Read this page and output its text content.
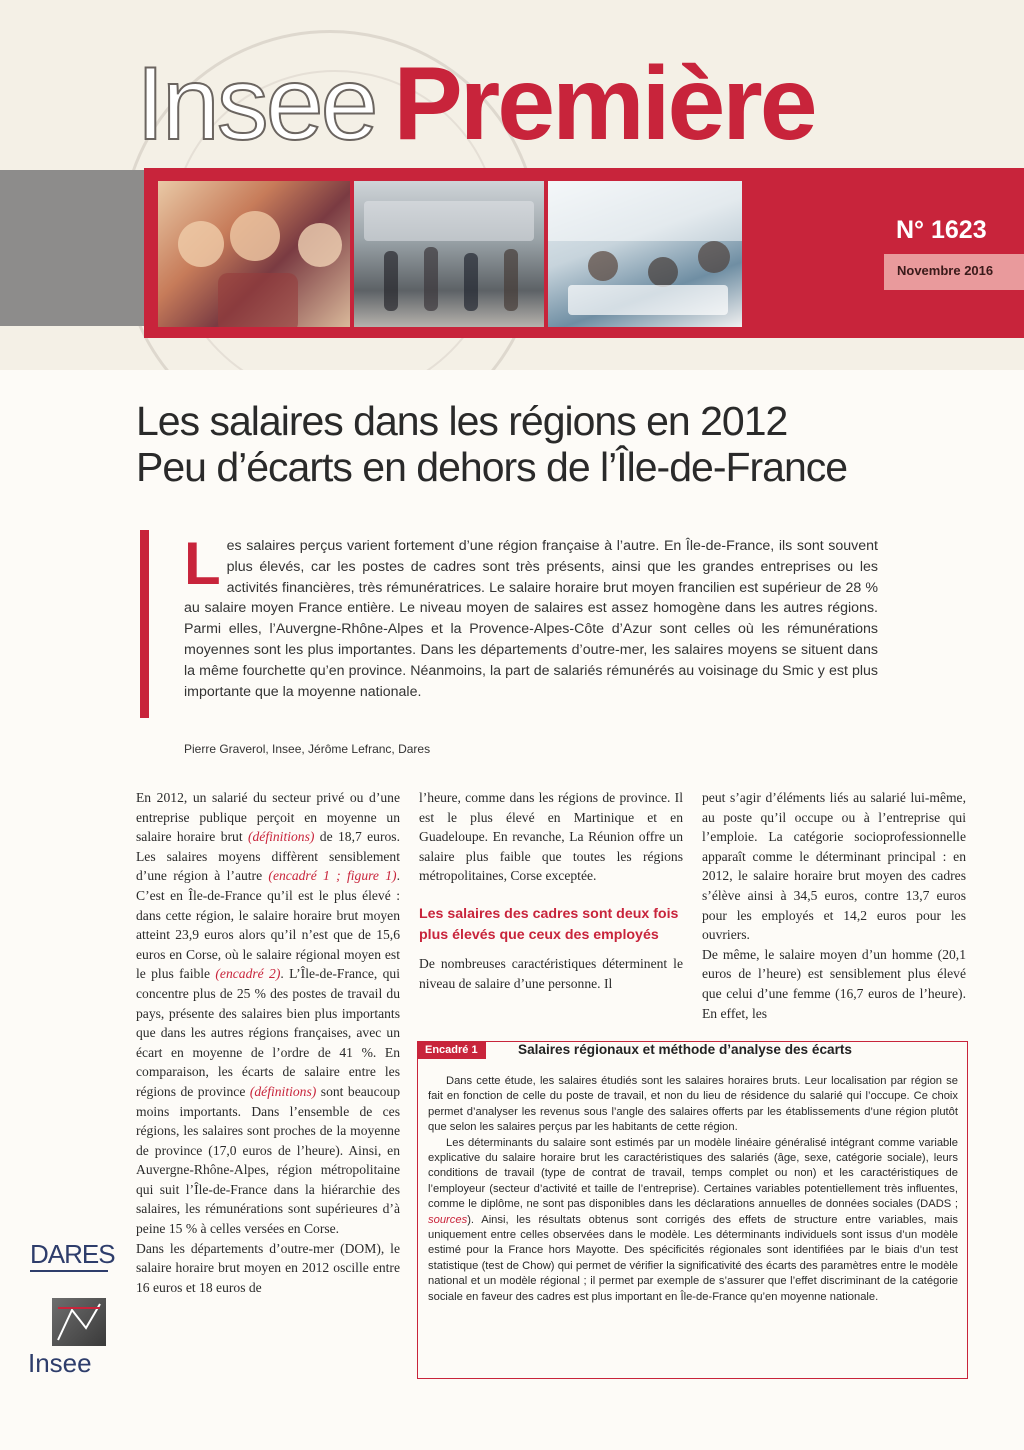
Insee Première
N° 1623
Novembre 2016
Les salaires dans les régions en 2012
Peu d’écarts en dehors de l’Île-de-France
Les salaires perçus varient fortement d’une région française à l’autre. En Île-de-France, ils sont souvent plus élevés, car les postes de cadres sont très présents, ainsi que les grandes entreprises ou les activités financières, très rémunératrices. Le salaire horaire brut moyen francilien est supérieur de 28 % au salaire moyen France entière. Le niveau moyen de salaires est assez homogène dans les autres régions. Parmi elles, l’Auvergne-Rhône-Alpes et la Provence-Alpes-Côte d’Azur sont celles où les rémunérations moyennes sont les plus importantes. Dans les départements d’outre-mer, les salaires moyens se situent dans la même fourchette qu’en province. Néanmoins, la part de salariés rémunérés au voisinage du Smic y est plus importante que la moyenne nationale.
Pierre Graverol, Insee, Jérôme Lefranc, Dares

En 2012, un salarié du secteur privé ou d’une entreprise publique perçoit en moyenne un salaire horaire brut (définitions) de 18,7 euros. Les salaires moyens diffèrent sensiblement d’une région à l’autre (encadré 1 ; figure 1). C’est en Île-de-France qu’il est le plus élevé : dans cette région, le salaire horaire brut moyen atteint 23,9 euros alors qu’il n’est que de 15,6 euros en Corse, où le salaire régional moyen est le plus faible (encadré 2). L’Île-de-France, qui concentre plus de 25 % des postes de travail du pays, présente des salaires bien plus importants que dans les autres régions françaises, avec un écart en moyenne de l’ordre de 41 %. En comparaison, les écarts de salaire entre les régions de province (définitions) sont beaucoup moins importants. Dans l’ensemble de ces régions, les salaires sont proches de la moyenne de province (17,0 euros de l’heure). Ainsi, en Auvergne-Rhône-Alpes, région métropolitaine qui suit l’Île-de-France dans la hiérarchie des salaires, les rémunérations sont supérieures d’à peine 15 % à celles versées en Corse.

Dans les départements d’outre-mer (DOM), le salaire horaire brut moyen en 2012 oscille entre 16 euros et 18 euros de

l’heure, comme dans les régions de province. Il est le plus élevé en Martinique et en Guadeloupe. En revanche, La Réunion offre un salaire plus faible que toutes les régions métropolitaines, Corse exceptée.

Les salaires des cadres sont deux fois plus élevés que ceux des employés

De nombreuses caractéristiques déterminent le niveau de salaire d’une personne. Il

peut s’agir d’éléments liés au salarié lui-même, au poste qu’il occupe ou à l’entreprise qui l’emploie. La catégorie socioprofessionnelle apparaît comme le déterminant principal : en 2012, le salaire horaire brut moyen des cadres s’élève ainsi à 34,5 euros, contre 13,7 euros pour les employés et 14,2 euros pour les ouvriers.

De même, le salaire moyen d’un homme (20,1 euros de l’heure) est sensiblement plus élevé que celui d’une femme (16,7 euros de l’heure). En effet, les

Encadré 1	Salaires régionaux et méthode d’analyse des écarts

Dans cette étude, les salaires étudiés sont les salaires horaires bruts. Leur localisation par région se fait en fonction de celle du poste de travail, et non du lieu de résidence du salarié qui l’occupe. Ce choix permet d’analyser les revenus sous l’angle des salaires offerts par les établissements d’une région plutôt que selon les salaires perçus par les habitants de cette région.

Les déterminants du salaire sont estimés par un modèle linéaire généralisé intégrant comme variable explicative du salaire horaire brut les caractéristiques des salariés (âge, sexe, catégorie sociale), leurs conditions de travail (type de contrat de travail, temps complet ou non) et les caractéristiques de l’employeur (secteur d’activité et taille de l’entreprise). Certaines variables potentiellement très influentes, comme le diplôme, ne sont pas disponibles dans les déclarations annuelles de données sociales (DADS ; sources). Ainsi, les résultats obtenus sont corrigés des effets de structure entre variables, mais uniquement entre celles observées dans le modèle. Les déterminants individuels sont issus d’un modèle estimé pour la France hors Mayotte. Des spécificités régionales sont identifiées par le biais d’un test statistique (test de Chow) qui permet de vérifier la significativité des écarts des paramètres entre le modèle national et un modèle régional ; il permet par exemple de s’assurer que l’effet discriminant de la catégorie sociale en faveur des cadres est plus important en Île-de-France qu’en moyenne nationale.

DARES
Insee
